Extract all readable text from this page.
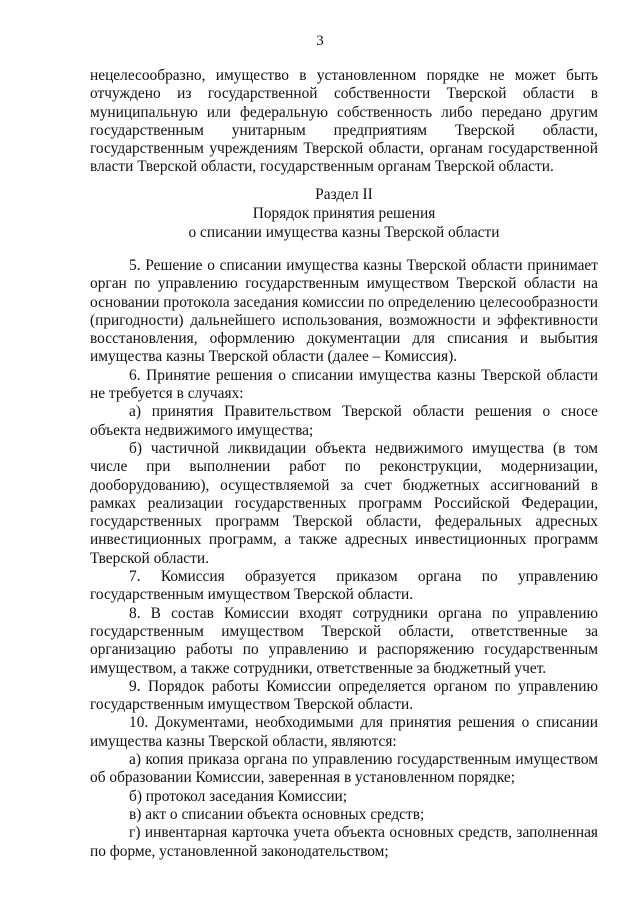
3

нецелесообразно, имущество в установленном порядке не может быть отчуждено из государственной собственности Тверской области в муниципальную или федеральную собственность либо передано другим государственным унитарным предприятиям Тверской области, государственным учреждениям Тверской области, органам государственной власти Тверской области, государственным органам Тверской области.

Раздел II

Порядок принятия решения

о списании имущества казны Тверской области

5. Решение о списании имущества казны Тверской области принимает орган по управлению государственным имуществом Тверской области на основании протокола заседания комиссии по определению целесообразности (пригодности) дальнейшего использования, возможности и эффективности восстановления, оформлению документации для списания и выбытия имущества казны Тверской области (далее – Комиссия).

6. Принятие решения о списании имущества казны Тверской области не требуется в случаях:

а) принятия Правительством Тверской области решения о сносе объекта недвижимого имущества;

б) частичной ликвидации объекта недвижимого имущества (в том числе при выполнении работ по реконструкции, модернизации, дооборудованию), осуществляемой за счет бюджетных ассигнований в рамках реализации государственных программ Российской Федерации, государственных программ Тверской области, федеральных адресных инвестиционных программ, а также адресных инвестиционных программ Тверской области.

7. Комиссия образуется приказом органа по управлению государственным имуществом Тверской области.

8. В состав Комиссии входят сотрудники органа по управлению государственным имуществом Тверской области, ответственные за организацию работы по управлению и распоряжению государственным имуществом, а также сотрудники, ответственные за бюджетный учет.

9. Порядок работы Комиссии определяется органом по управлению государственным имуществом Тверской области.

10. Документами, необходимыми для принятия решения о списании имущества казны Тверской области, являются:

а) копия приказа органа по управлению государственным имуществом об образовании Комиссии, заверенная в установленном порядке;

б) протокол заседания Комиссии;

в) акт о списании объекта основных средств;

г) инвентарная карточка учета объекта основных средств, заполненная по форме, установленной законодательством;
